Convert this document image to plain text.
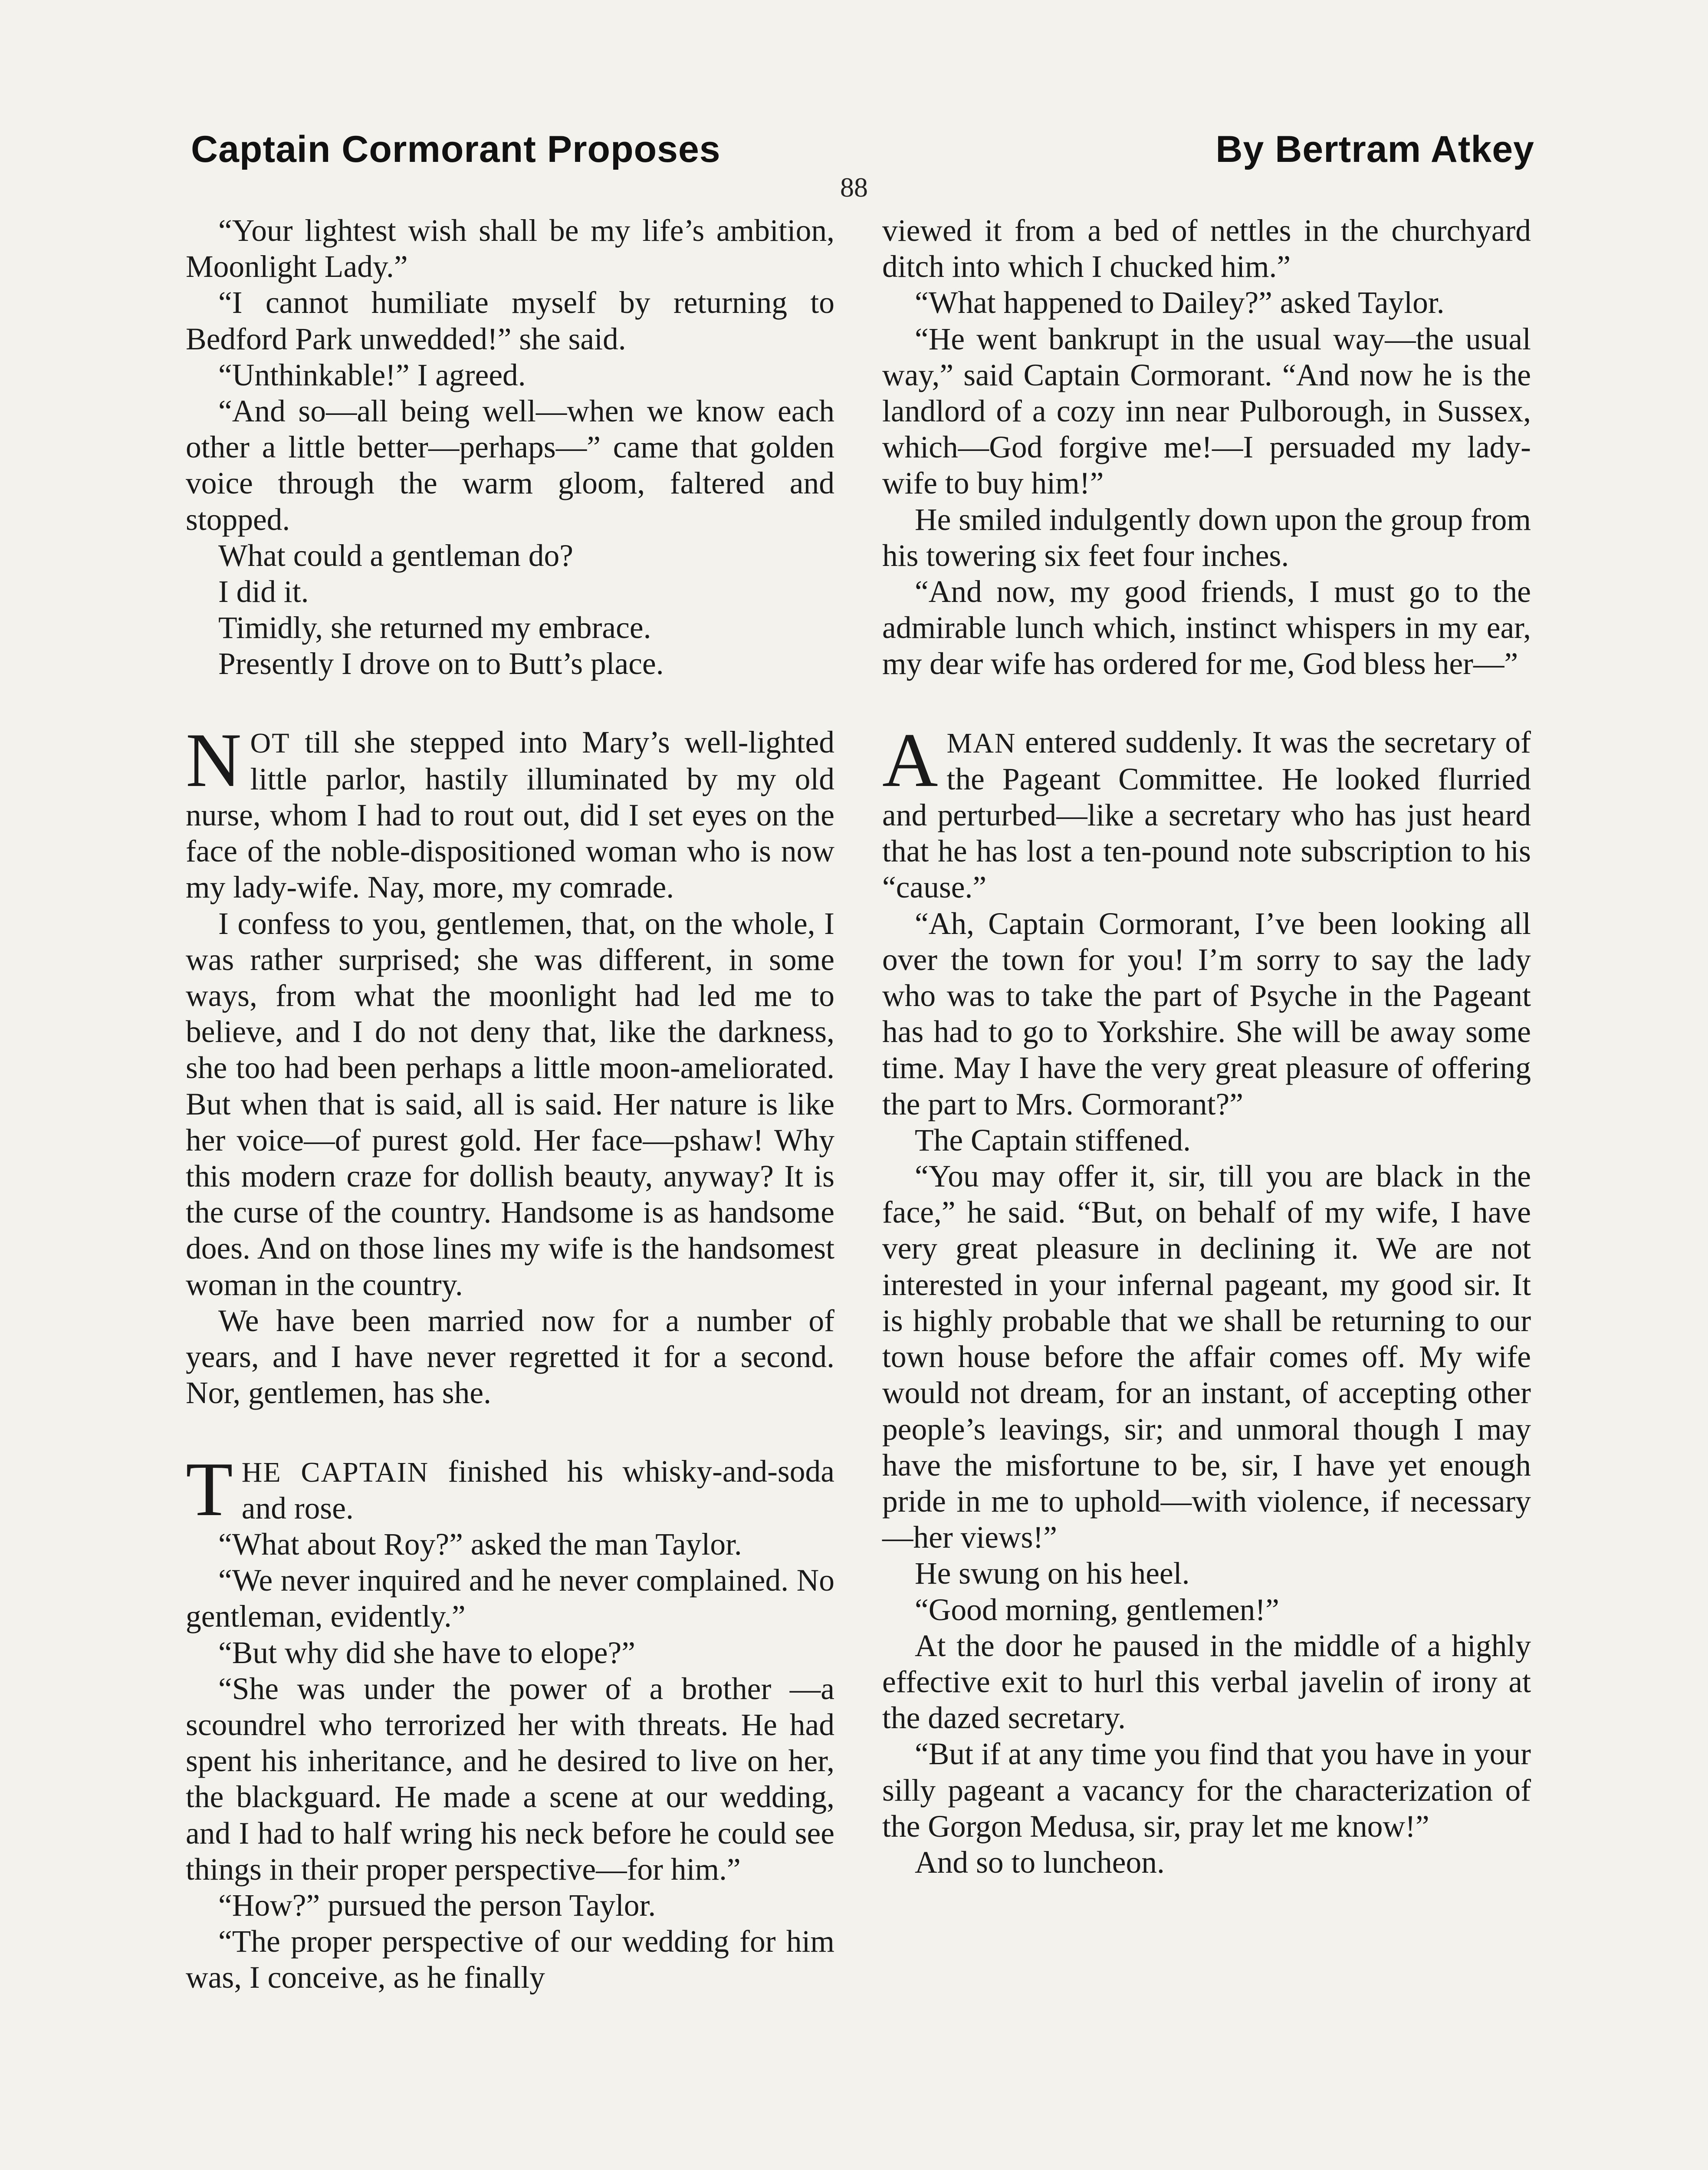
Captain Cormorant Proposes	By Bertram Atkey
88

“Your lightest wish shall be my life’s ambition, Moonlight Lady.”

“I cannot humiliate myself by returning to Bedford Park unwedded!” she said.

“Unthinkable!” I agreed.

“And so—all being well—when we know each other a little better—perhaps—” came that golden voice through the warm gloom, faltered and stopped.

What could a gentleman do?

I did it.

Timidly, she returned my embrace.

Presently I drove on to Butt’s place.

NOT till she stepped into Mary’s well-lighted little parlor, hastily illuminated by my old nurse, whom I had to rout out, did I set eyes on the face of the noble-dispositioned woman who is now my lady-wife. Nay, more, my comrade.

I confess to you, gentlemen, that, on the whole, I was rather surprised; she was different, in some ways, from what the moonlight had led me to believe, and I do not deny that, like the darkness, she too had been perhaps a little moon-ameliorated. But when that is said, all is said. Her nature is like her voice—of purest gold. Her face—pshaw! Why this modern craze for dollish beauty, anyway? It is the curse of the country. Handsome is as handsome does. And on those lines my wife is the handsomest woman in the country.

We have been married now for a number of years, and I have never regretted it for a second. Nor, gentlemen, has she.

THE CAPTAIN finished his whisky-and-soda and rose.

“What about Roy?” asked the man Taylor.

“We never inquired and he never complained. No gentleman, evidently.”

“But why did she have to elope?”

“She was under the power of a brother —a scoundrel who terrorized her with threats. He had spent his inheritance, and he desired to live on her, the blackguard. He made a scene at our wedding, and I had to half wring his neck before he could see things in their proper perspective—for him.”

“How?” pursued the person Taylor.

“The proper perspective of our wedding for him was, I conceive, as he finally

viewed it from a bed of nettles in the churchyard ditch into which I chucked him.”

“What happened to Dailey?” asked Taylor.

“He went bankrupt in the usual way—the usual way,” said Captain Cormorant. “And now he is the landlord of a cozy inn near Pulborough, in Sussex, which—God forgive me!—I persuaded my lady-wife to buy him!”

He smiled indulgently down upon the group from his towering six feet four inches.

“And now, my good friends, I must go to the admirable lunch which, instinct whispers in my ear, my dear wife has ordered for me, God bless her—”

AMAN entered suddenly. It was the secretary of the Pageant Committee. He looked flurried and perturbed—like a secretary who has just heard that he has lost a ten-pound note subscription to his “cause.”

“Ah, Captain Cormorant, I’ve been looking all over the town for you! I’m sorry to say the lady who was to take the part of Psyche in the Pageant has had to go to Yorkshire. She will be away some time. May I have the very great pleasure of offering the part to Mrs. Cormorant?”

The Captain stiffened.

“You may offer it, sir, till you are black in the face,” he said. “But, on behalf of my wife, I have very great pleasure in declining it. We are not interested in your infernal pageant, my good sir. It is highly probable that we shall be returning to our town house before the affair comes off. My wife would not dream, for an instant, of accepting other people’s leavings, sir; and unmoral though I may have the misfortune to be, sir, I have yet enough pride in me to uphold—with violence, if necessary—her views!”

He swung on his heel.

“Good morning, gentlemen!”

At the door he paused in the middle of a highly effective exit to hurl this verbal javelin of irony at the dazed secretary.

“But if at any time you find that you have in your silly pageant a vacancy for the characterization of the Gorgon Medusa, sir, pray let me know!”

And so to luncheon.
